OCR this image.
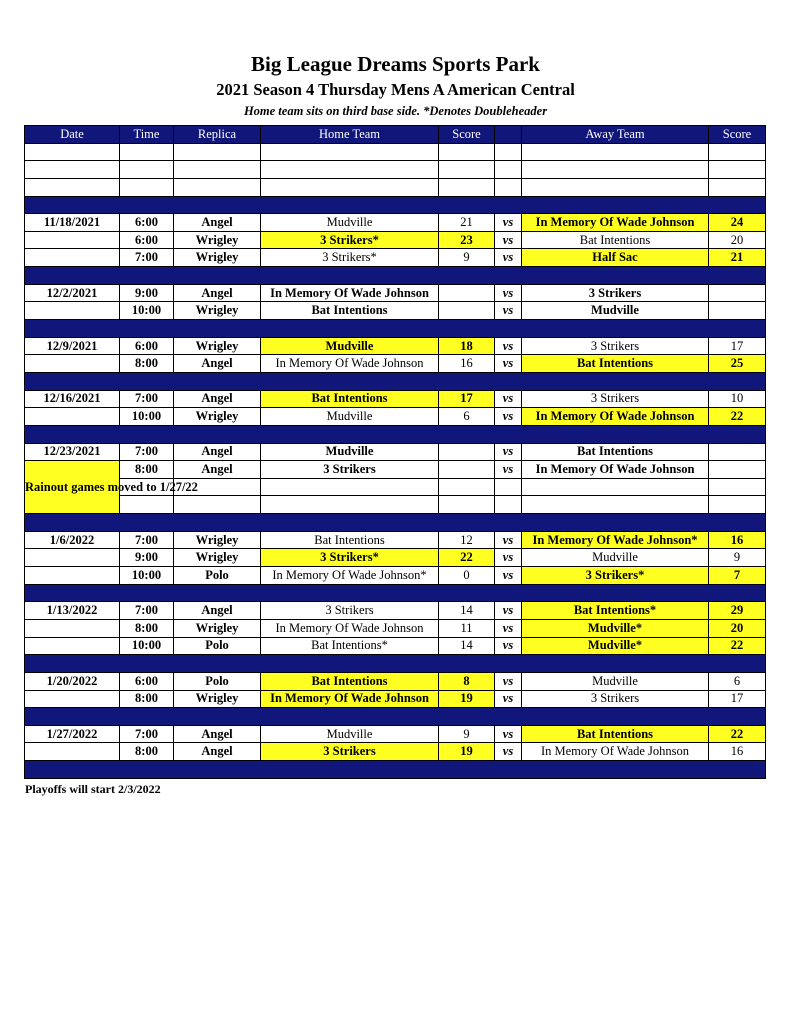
Big League Dreams Sports Park
2021 Season 4 Thursday Mens A American Central
Home team sits on third base side. *Denotes Doubleheader
Date	Time	Replica	Home Team	Score		Away Team	Score

11/18/2021	6:00	Angel	Mudville	21	vs	In Memory Of Wade Johnson	24
	6:00	Wrigley	3 Strikers*	23	vs	Bat Intentions	20
	7:00	Wrigley	3 Strikers*	9	vs	Half Sac	21

12/2/2021	9:00	Angel	In Memory Of Wade Johnson		vs	3 Strikers	
	10:00	Wrigley	Bat Intentions		vs	Mudville	

12/9/2021	6:00	Wrigley	Mudville	18	vs	3 Strikers	17
	8:00	Angel	In Memory Of Wade Johnson	16	vs	Bat Intentions	25

12/16/2021	7:00	Angel	Bat Intentions	17	vs	3 Strikers	10
	10:00	Wrigley	Mudville	6	vs	In Memory Of Wade Johnson	22

12/23/2021	7:00	Angel	Mudville		vs	Bat Intentions	
Rainout games moved to 1/27/22	8:00	Angel	3 Strikers		vs	In Memory Of Wade Johnson	

1/6/2022	7:00	Wrigley	Bat Intentions	12	vs	In Memory Of Wade Johnson*	16
	9:00	Wrigley	3 Strikers*	22	vs	Mudville	9
	10:00	Polo	In Memory Of Wade Johnson*	0	vs	3 Strikers*	7

1/13/2022	7:00	Angel	3 Strikers	14	vs	Bat Intentions*	29
	8:00	Wrigley	In Memory Of Wade Johnson	11	vs	Mudville*	20
	10:00	Polo	Bat Intentions*	14	vs	Mudville*	22

1/20/2022	6:00	Polo	Bat Intentions	8	vs	Mudville	6
	8:00	Wrigley	In Memory Of Wade Johnson	19	vs	3 Strikers	17

1/27/2022	7:00	Angel	Mudville	9	vs	Bat Intentions	22
	8:00	Angel	3 Strikers	19	vs	In Memory Of Wade Johnson	16

Playoffs will start 2/3/2022
